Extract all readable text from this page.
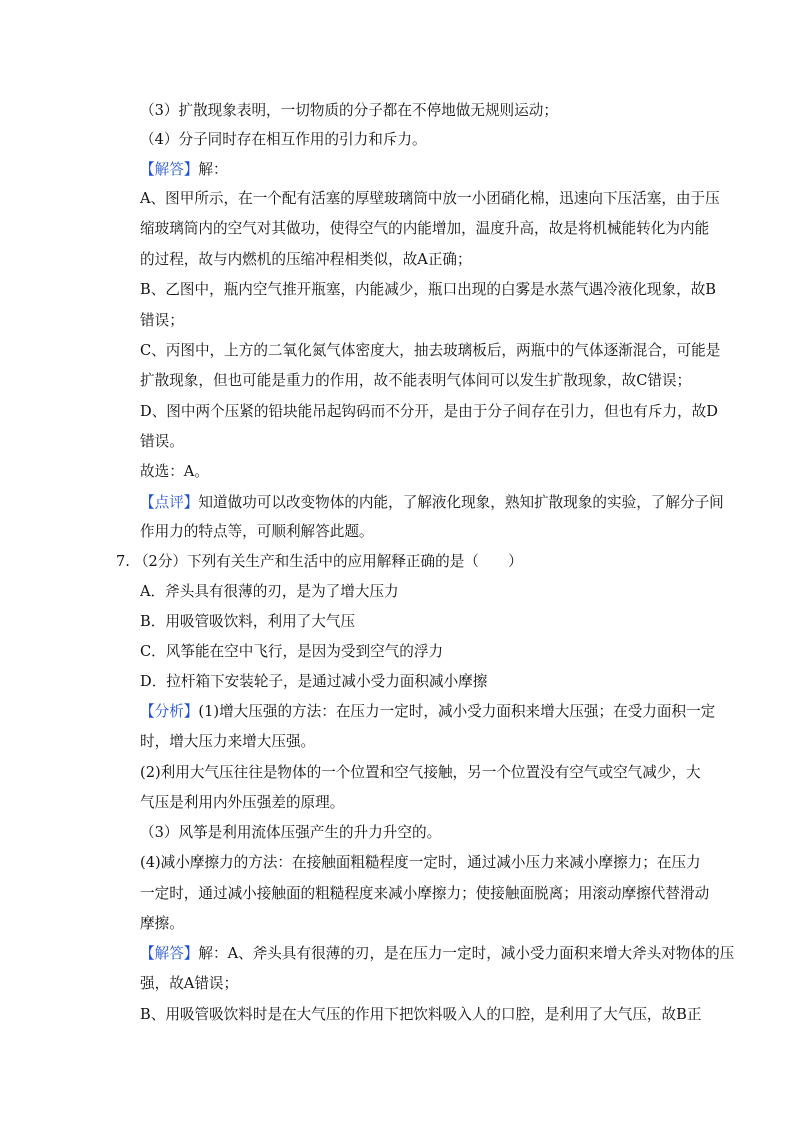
（3）扩散现象表明，一切物质的分子都在不停地做无规则运动；
（4）分子同时存在相互作用的引力和斥力。
【解答】解：
A、图甲所示，在一个配有活塞的厚壁玻璃筒中放一小团硝化棉，迅速向下压活塞，由于压
缩玻璃筒内的空气对其做功，使得空气的内能增加，温度升高，故是将机械能转化为内能
的过程，故与内燃机的压缩冲程相类似，故A正确；
B、乙图中，瓶内空气推开瓶塞，内能减少，瓶口出现的白雾是水蒸气遇冷液化现象，故B
错误；
C、丙图中，上方的二氧化氮气体密度大，抽去玻璃板后，两瓶中的气体逐渐混合，可能是
扩散现象，但也可能是重力的作用，故不能表明气体间可以发生扩散现象，故C错误；
D、图中两个压紧的铅块能吊起钩码而不分开，是由于分子间存在引力，但也有斥力，故D
错误。
故选：A。
【点评】知道做功可以改变物体的内能，了解液化现象，熟知扩散现象的实验，了解分子间
作用力的特点等，可顺利解答此题。
7. （2分）下列有关生产和生活中的应用解释正确的是（　　）
A．斧头具有很薄的刃，是为了增大压力
B．用吸管吸饮料，利用了大气压
C．风筝能在空中飞行，是因为受到空气的浮力
D．拉杆箱下安装轮子，是通过减小受力面积减小摩擦
【分析】(1)增大压强的方法：在压力一定时，减小受力面积来增大压强；在受力面积一定
时，增大压力来增大压强。
(2)利用大气压往往是物体的一个位置和空气接触，另一个位置没有空气或空气减少，大
气压是利用内外压强差的原理。
（3）风筝是利用流体压强产生的升力升空的。
(4)减小摩擦力的方法：在接触面粗糙程度一定时，通过减小压力来减小摩擦力；在压力
一定时，通过减小接触面的粗糙程度来减小摩擦力；使接触面脱离；用滚动摩擦代替滑动
摩擦。
【解答】解：A、斧头具有很薄的刃，是在压力一定时，减小受力面积来增大斧头对物体的压
强，故A错误；
B、用吸管吸饮料时是在大气压的作用下把饮料吸入人的口腔，是利用了大气压，故B正
